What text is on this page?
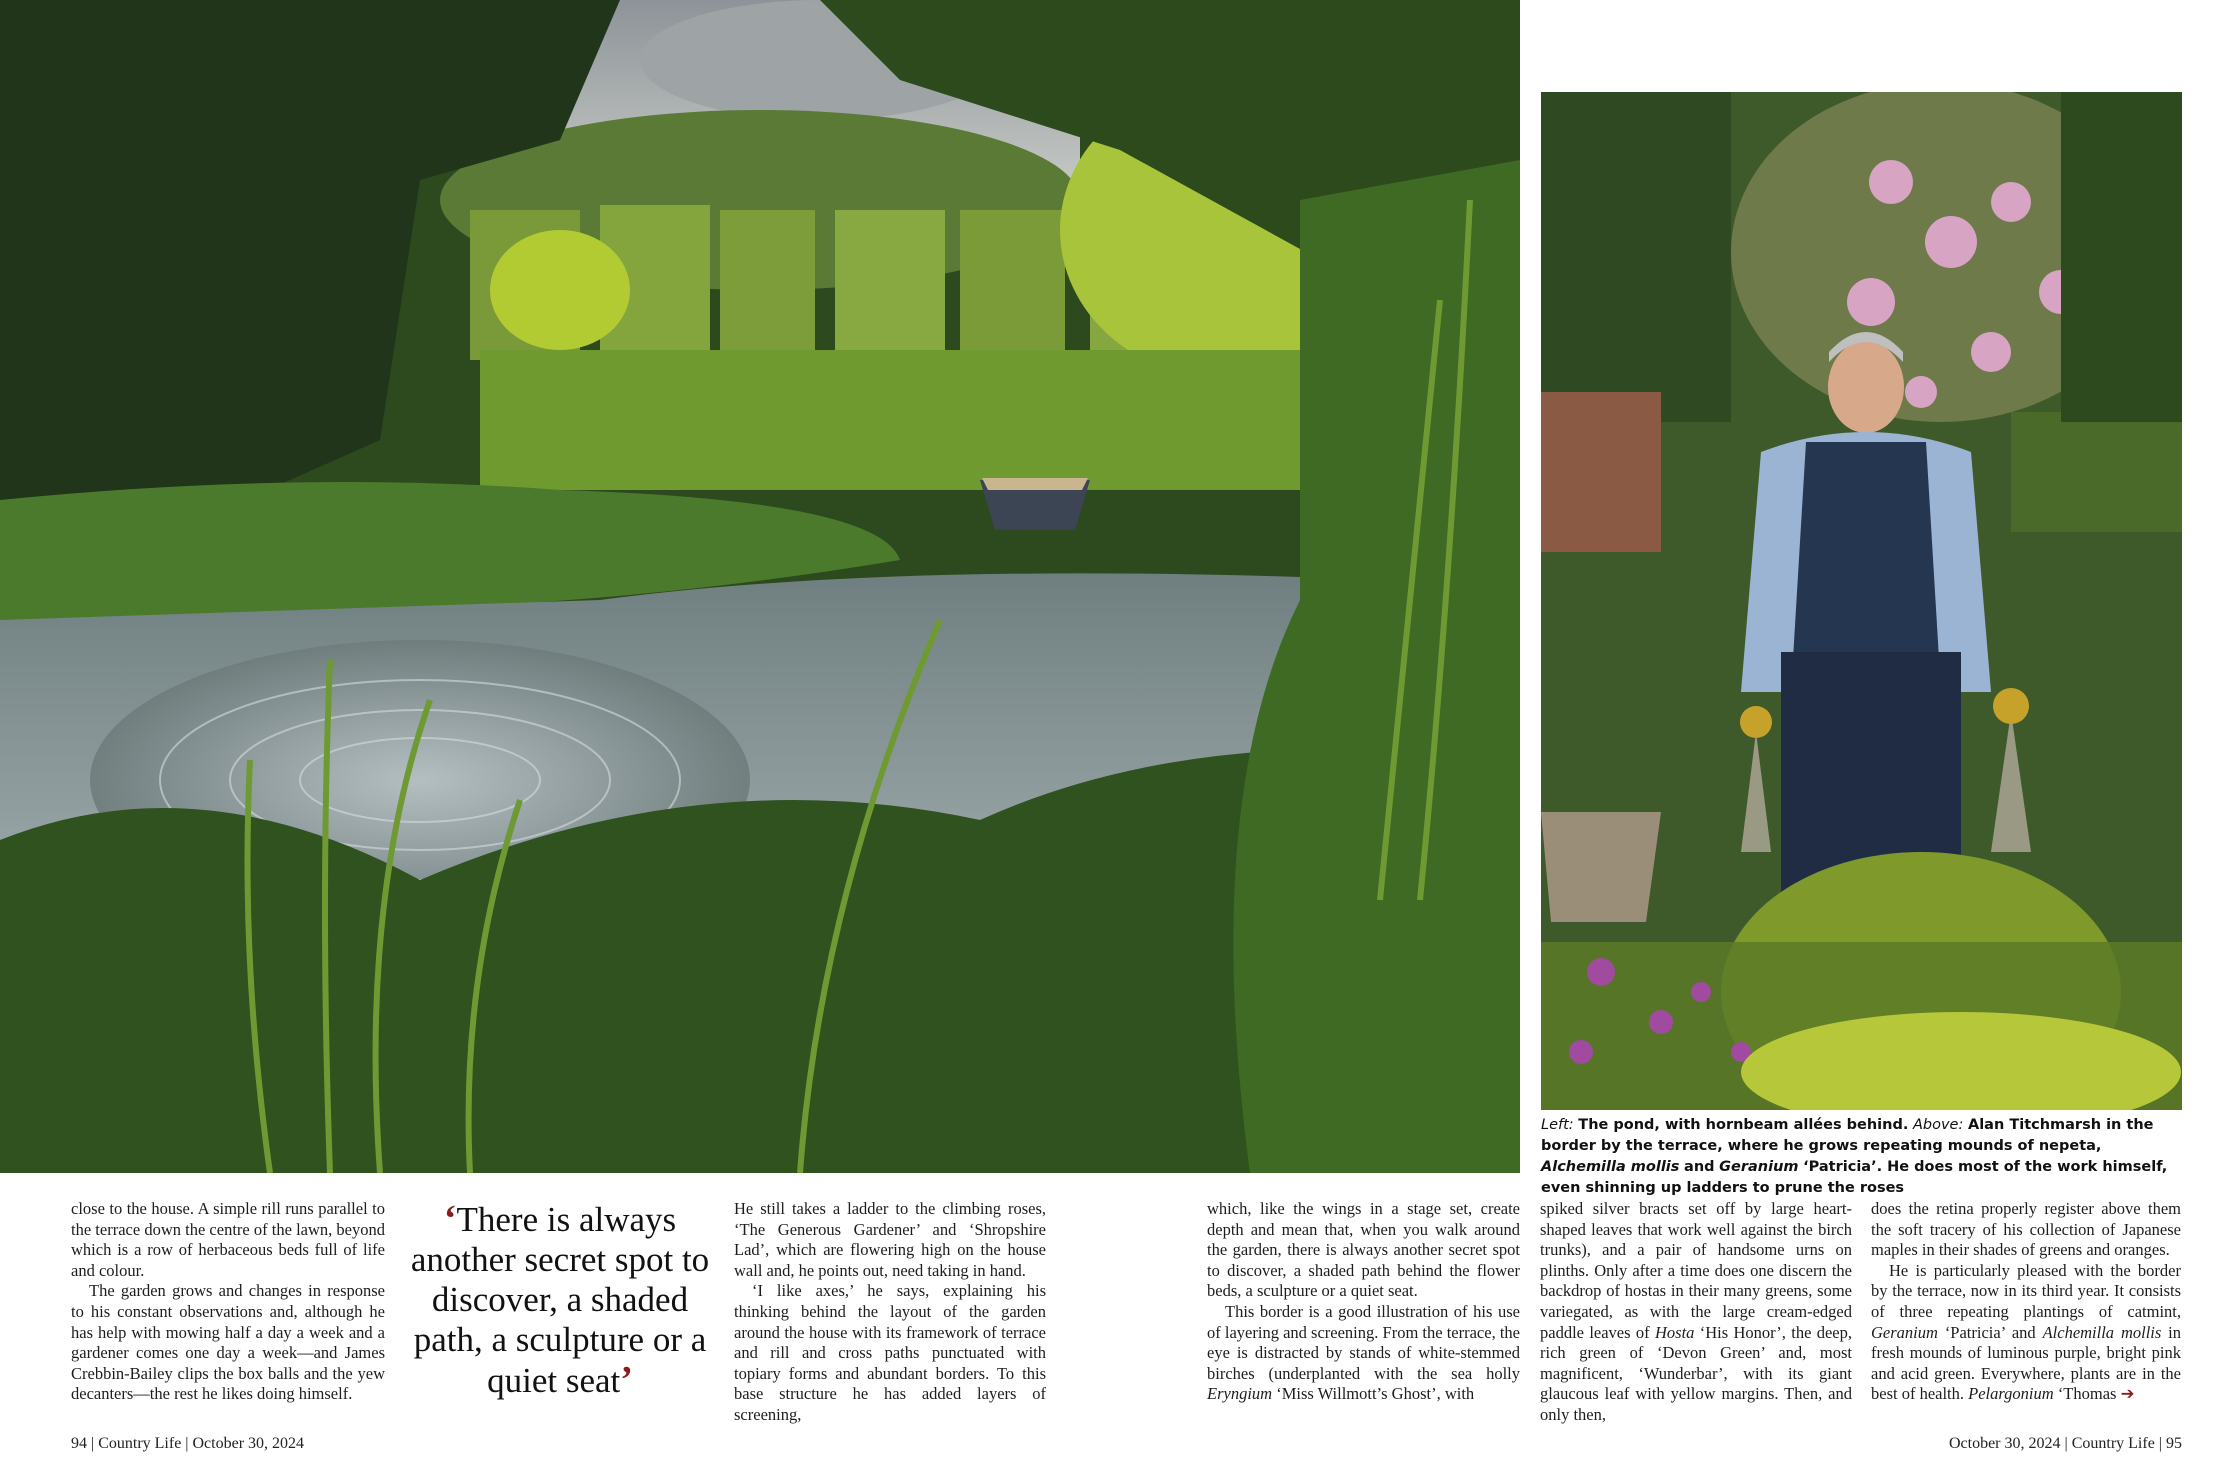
Left: The pond, with hornbeam allées behind. Above: Alan Titchmarsh in the border by the terrace, where he grows repeating mounds of nepeta, Alchemilla mollis and Geranium ‘Patricia’. He does most of the work himself, even shinning up ladders to prune the roses

close to the house. A simple rill runs parallel to the terrace down the centre of the lawn, beyond which is a row of herbaceous beds full of life and colour.

The garden grows and changes in response to his constant observations and, although he has help with mowing half a day a week and a gardener comes one day a week—and James Crebbin-Bailey clips the box balls and the yew decanters—the rest he likes doing himself.

‘There is always another secret spot to discover, a shaded path, a sculpture or a quiet seat’

He still takes a ladder to the climbing roses, ‘The Generous Gardener’ and ‘Shropshire Lad’, which are flowering high on the house wall and, he points out, need taking in hand.

‘I like axes,’ he says, explaining his thinking behind the layout of the garden around the house with its framework of terrace and rill and cross paths punctuated with topiary forms and abundant borders. To this base structure he has added layers of screening,

which, like the wings in a stage set, create depth and mean that, when you walk around the garden, there is always another secret spot to discover, a shaded path behind the flower beds, a sculpture or a quiet seat.

This border is a good illustration of his use of layering and screening. From the terrace, the eye is distracted by stands of white-stemmed birches (underplanted with the sea holly Eryngium ‘Miss Willmott’s Ghost’, with

spiked silver bracts set off by large heart-shaped leaves that work well against the birch trunks), and a pair of handsome urns on plinths. Only after a time does one discern the backdrop of hostas in their many greens, some variegated, as with the large cream-edged paddle leaves of Hosta ‘His Honor’, the deep, rich green of ‘Devon Green’ and, most magnificent, ‘Wunderbar’, with its giant glaucous leaf with yellow margins. Then, and only then,

does the retina properly register above them the soft tracery of his collection of Japanese maples in their shades of greens and oranges.

He is particularly pleased with the border by the terrace, now in its third year. It consists of three repeating plantings of catmint, Geranium ‘Patricia’ and Alchemilla mollis in fresh mounds of luminous purple, bright pink and acid green. Everywhere, plants are in the best of health. Pelargonium ‘Thomas ➔

94 | Country Life | October 30, 2024	October 30, 2024 | Country Life | 95
